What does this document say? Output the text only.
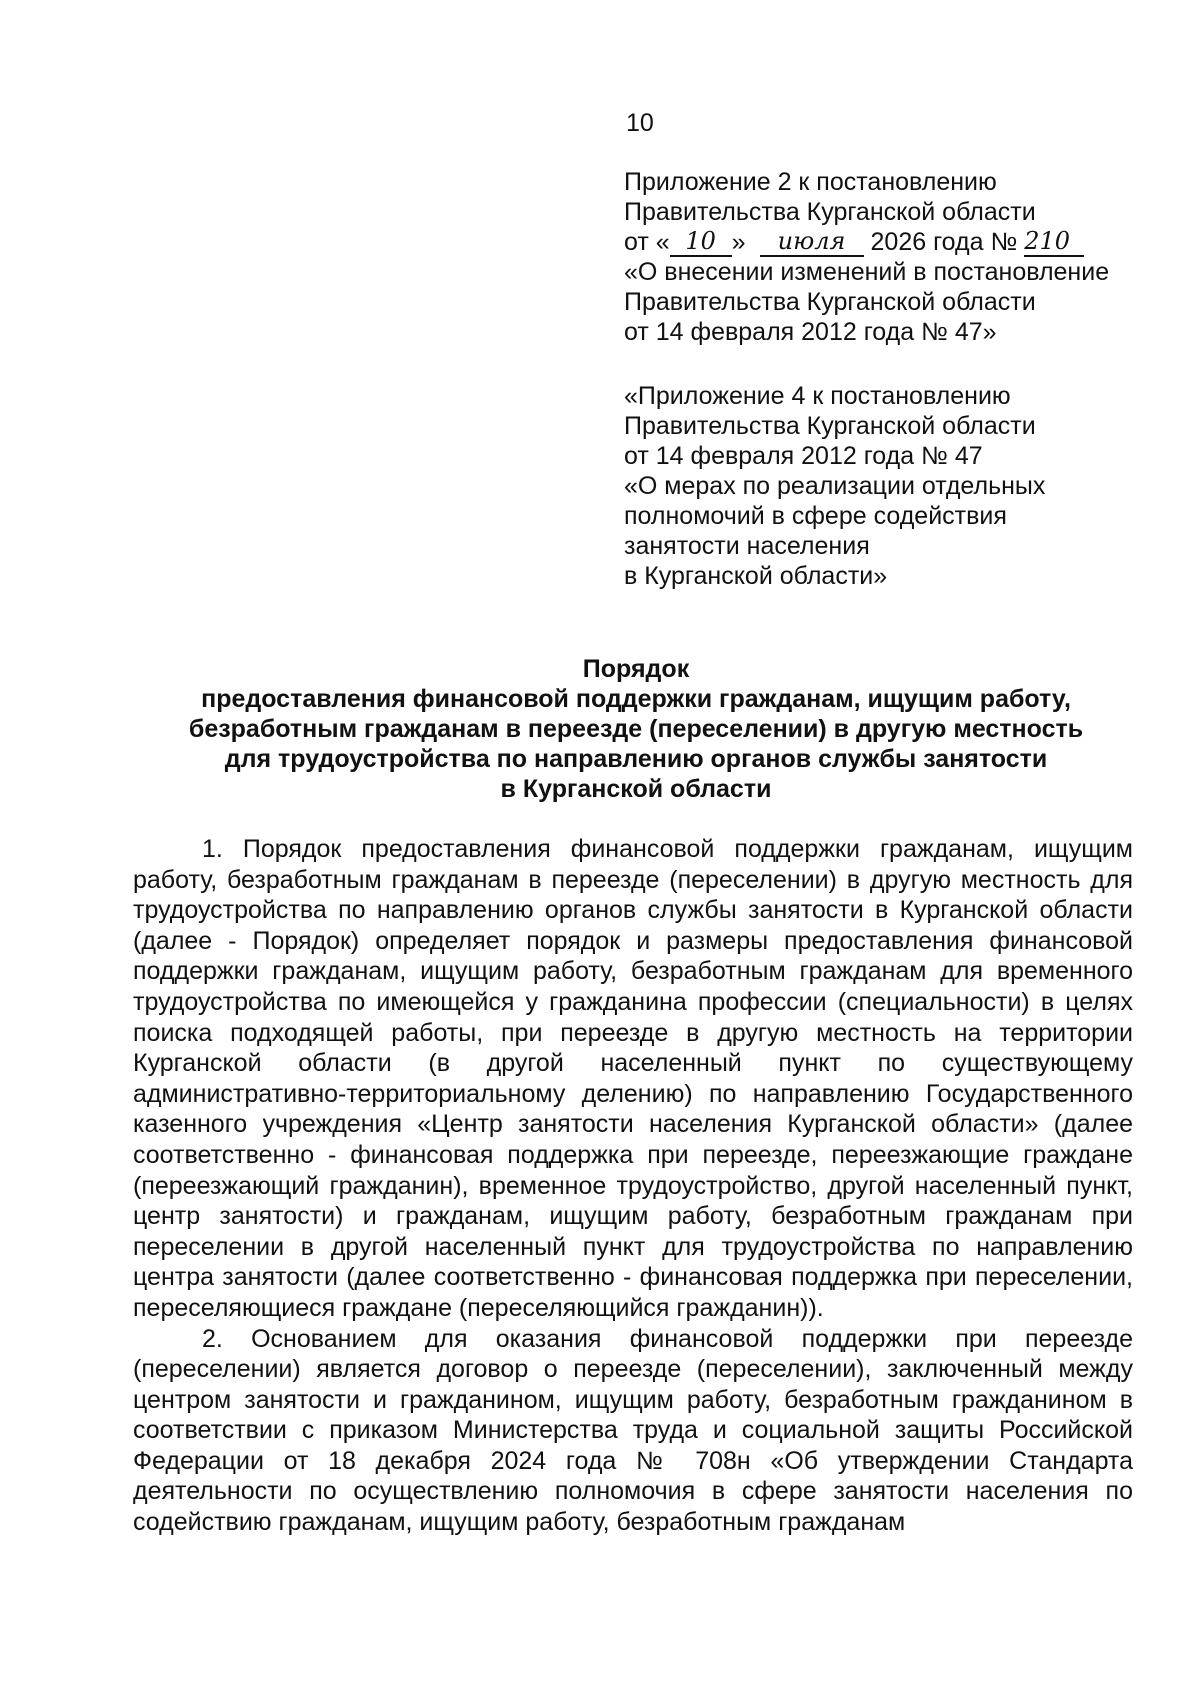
10
Приложение 2 к постановлению
Правительства Курганской области
от « 10 » июля 2026 года № 210
«О внесении изменений в постановление
Правительства Курганской области
от 14 февраля 2012 года № 47»
«Приложение 4 к постановлению
Правительства Курганской области
от 14 февраля 2012 года № 47
«О мерах по реализации отдельных
полномочий в сфере содействия
занятости населения
в Курганской области»
Порядок
предоставления финансовой поддержки гражданам, ищущим работу,
безработным гражданам в переезде (переселении) в другую местность
для трудоустройства по направлению органов службы занятости
в Курганской области

1. Порядок предоставления финансовой поддержки гражданам, ищущим работу, безработным гражданам в переезде (переселении) в другую местность для трудоустройства по направлению органов службы занятости в Курганской области (далее - Порядок) определяет порядок и размеры предоставления финансовой поддержки гражданам, ищущим работу, безработным гражданам для временного трудоустройства по имеющейся у гражданина профессии (специальности) в целях поиска подходящей работы, при переезде в другую местность на территории Курганской области (в другой населенный пункт по существующему административно-территориальному делению) по направлению Государственного казенного учреждения «Центр занятости населения Курганской области» (далее соответственно - финансовая поддержка при переезде, переезжающие граждане (переезжающий гражданин), временное трудоустройство, другой населенный пункт, центр занятости) и гражданам, ищущим работу, безработным гражданам при переселении в другой населенный пункт для трудоустройства по направлению центра занятости (далее соответственно - финансовая поддержка при переселении, переселяющиеся граждане (переселяющийся гражданин)).

2. Основанием для оказания финансовой поддержки при переезде (переселении) является договор о переезде (переселении), заключенный между центром занятости и гражданином, ищущим работу, безработным гражданином в соответствии с приказом Министерства труда и социальной защиты Российской Федерации от 18 декабря 2024 года № 708н «Об утверждении Стандарта деятельности по осуществлению полномочия в сфере занятости населения по содействию гражданам, ищущим работу, безработным гражданам
